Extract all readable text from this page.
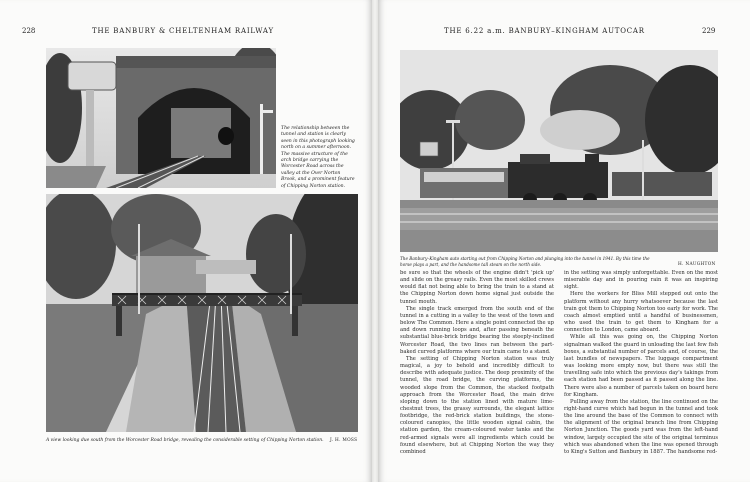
228	THE BANBURY & CHELTENHAM RAILWAY
The relationship between the tunnel and station is clearly seen in this photograph looking north on a summer afternoon. The massive structure of the arch bridge carrying the Worcester Road across the valley at the Over Norton Brook, and a prominent feature of Chipping Norton station.
A view looking due south from the Worcester Road bridge, revealing the considerable setting of Chipping Norton station. J. H. MOSS
THE 6.22 a.m. BANBURY–KINGHAM AUTOCAR	229
The Banbury–Kingham auto starting out from Chipping Norton and plunging into the tunnel in 1941. By this time the horse plays a part, and the handsome tall steam on the north side.	H. NAUGHTON

be sure so that the wheels of the engine didn't 'pick up' and slide on the greasy rails. Even the most skilled crews would flat not being able to bring the train to a stand at the Chipping Norton down home signal just outside the tunnel mouth.

The single track emerged from the south end of the tunnel in a cutting in a valley to the west of the town and below The Common. Here a single point connected the up and down running loops and, after passing beneath the substantial blue-brick bridge bearing the steeply-inclined Worcester Road, the two lines ran between the part-baked curved platforms where our train came to a stand.

The setting of Chipping Norton station was truly magical, a joy to behold and incredibly difficult to describe with adequate justice. The deep proximity of the tunnel, the road bridge, the curving platforms, the wooded slope from the Common, the stacked footpath approach from the Worcester Road, the main drive sloping down to the station lined with mature lime-chestnut trees, the grassy surrounds, the elegant lattice footbridge, the red-brick station buildings, the stone-coloured canopies, the little wooden signal cabin, the station garden, the cream-coloured water tanks and the red-armed signals were all ingredients which could be found elsewhere, but at Chipping Norton the way they combined

in the setting was simply unforgettable. Even on the most miserable day and in pouring rain it was an inspiring sight.

Here the workers for Bliss Mill stepped out onto the platform without any hurry whatsoever because the last train got them to Chipping Norton too early for work. The coach almost emptied until a handful of businessmen, who used the train to get them to Kingham for a connection to London, came aboard.

While all this was going on, the Chipping Norton signalman walked the guard in unloading the last few fish boxes, a substantial number of parcels and, of course, the last bundles of newspapers. The luggage compartment was looking more empty now, but there was still the travelling safe into which the previous day's takings from each station had been passed as it passed along the line. There were also a number of parcels taken on board here for Kingham.

Pulling away from the station, the line continued on the right-hand curve which had begun in the tunnel and took the line around the base of the Common to connect with the alignment of the original branch line from Chipping Norton Junction. The goods yard was from the left-hand window, largely occupied the site of the original terminus which was abandoned when the line was opened through to King's Sutton and Banbury in 1887. The handsome red-
